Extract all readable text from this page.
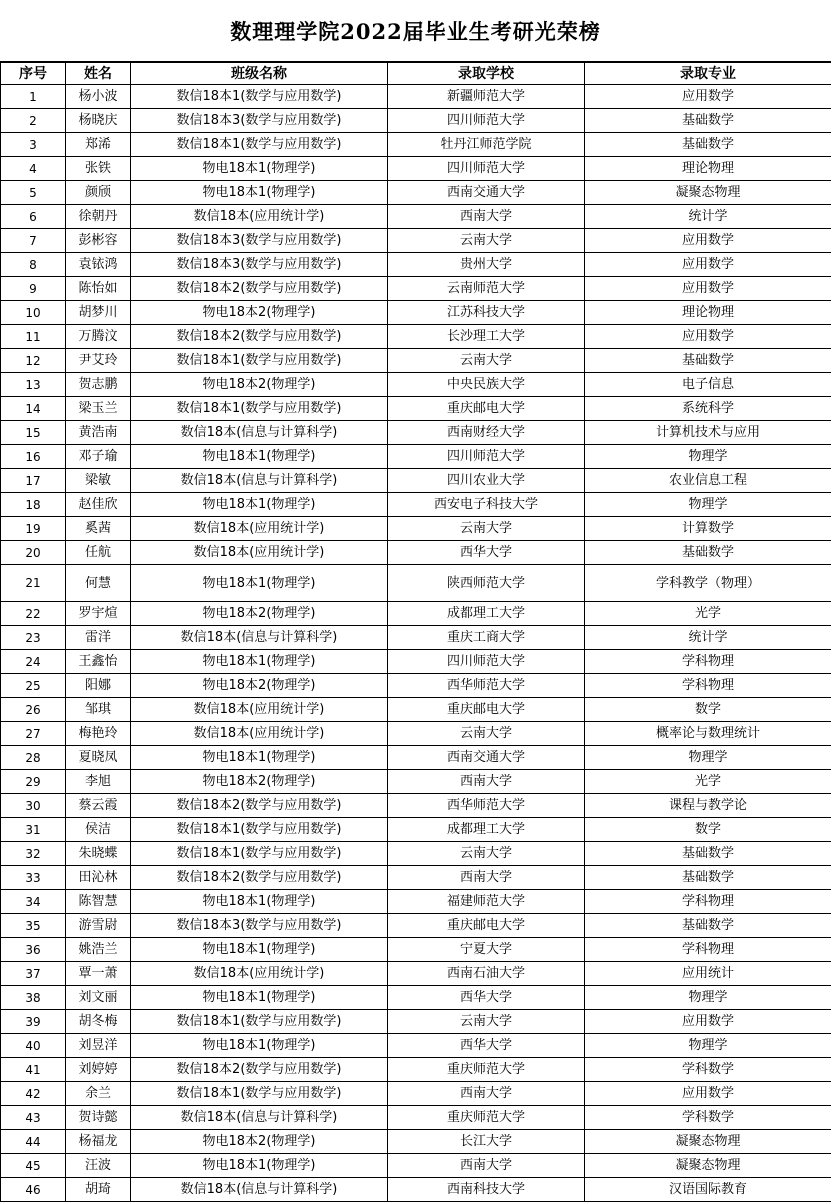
数理理学院2022届毕业生考研光荣榜
序号	姓名	班级名称	录取学校	录取专业
1	杨小波	数信18本1(数学与应用数学)	新疆师范大学	应用数学
2	杨晓庆	数信18本3(数学与应用数学)	四川师范大学	基础数学
3	郑浠	数信18本1(数学与应用数学)	牡丹江师范学院	基础数学
4	张铁	物电18本1(物理学)	四川师范大学	理论物理
5	颜颀	物电18本1(物理学)	西南交通大学	凝聚态物理
6	徐朝丹	数信18本(应用统计学)	西南大学	统计学
7	彭彬容	数信18本3(数学与应用数学)	云南大学	应用数学
8	袁铱鸿	数信18本3(数学与应用数学)	贵州大学	应用数学
9	陈怡如	数信18本2(数学与应用数学)	云南师范大学	应用数学
10	胡梦川	物电18本2(物理学)	江苏科技大学	理论物理
11	万腾汶	数信18本2(数学与应用数学)	长沙理工大学	应用数学
12	尹艾玲	数信18本1(数学与应用数学)	云南大学	基础数学
13	贺志鹏	物电18本2(物理学)	中央民族大学	电子信息
14	梁玉兰	数信18本1(数学与应用数学)	重庆邮电大学	系统科学
15	黄浩南	数信18本(信息与计算科学)	西南财经大学	计算机技术与应用
16	邓子瑜	物电18本1(物理学)	四川师范大学	物理学
17	梁敏	数信18本(信息与计算科学)	四川农业大学	农业信息工程
18	赵佳欣	物电18本1(物理学)	西安电子科技大学	物理学
19	奚茜	数信18本(应用统计学)	云南大学	计算数学
20	任航	数信18本(应用统计学)	西华大学	基础数学
21	何慧	物电18本1(物理学)	陕西师范大学	学科教学（物理）
22	罗宇煊	物电18本2(物理学)	成都理工大学	光学
23	雷洋	数信18本(信息与计算科学)	重庆工商大学	统计学
24	王鑫怡	物电18本1(物理学)	四川师范大学	学科物理
25	阳娜	物电18本2(物理学)	西华师范大学	学科物理
26	邹琪	数信18本(应用统计学)	重庆邮电大学	数学
27	梅艳玲	数信18本(应用统计学)	云南大学	概率论与数理统计
28	夏晓凤	物电18本1(物理学)	西南交通大学	物理学
29	李旭	物电18本2(物理学)	西南大学	光学
30	蔡云霞	数信18本2(数学与应用数学)	西华师范大学	课程与教学论
31	侯洁	数信18本1(数学与应用数学)	成都理工大学	数学
32	朱晓蝶	数信18本1(数学与应用数学)	云南大学	基础数学
33	田沁林	数信18本2(数学与应用数学)	西南大学	基础数学
34	陈智慧	物电18本1(物理学)	福建师范大学	学科物理
35	游雪尉	数信18本3(数学与应用数学)	重庆邮电大学	基础数学
36	姚浩兰	物电18本1(物理学)	宁夏大学	学科物理
37	覃一萧	数信18本(应用统计学)	西南石油大学	应用统计
38	刘文丽	物电18本1(物理学)	西华大学	物理学
39	胡冬梅	数信18本1(数学与应用数学)	云南大学	应用数学
40	刘昱洋	物电18本1(物理学)	西华大学	物理学
41	刘婷婷	数信18本2(数学与应用数学)	重庆师范大学	学科数学
42	余兰	数信18本1(数学与应用数学)	西南大学	应用数学
43	贺诗懿	数信18本(信息与计算科学)	重庆师范大学	学科数学
44	杨福龙	物电18本2(物理学)	长江大学	凝聚态物理
45	汪波	物电18本1(物理学)	西南大学	凝聚态物理
46	胡琦	数信18本(信息与计算科学)	西南科技大学	汉语国际教育
